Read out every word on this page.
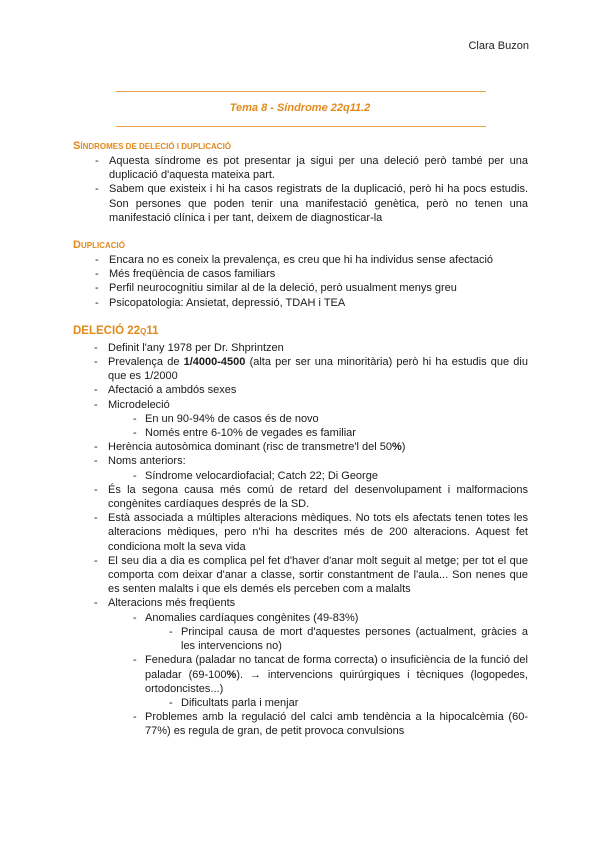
Clara Buzon
Tema 8 - Síndrome 22q11.2
SÍNDROMES DE DELECIÓ I DUPLICACIÓ
- Aquesta síndrome es pot presentar ja sigui per una deleció però també per una duplicació d'aquesta mateixa part.
- Sabem que existeix i hi ha casos registrats de la duplicació, però hi ha pocs estudis. Son persones que poden tenir una manifestació genètica, però no tenen una manifestació clínica i per tant, deixem de diagnosticar-la
DUPLICACIÓ
- Encara no es coneix la prevalença, es creu que hi ha individus sense afectació
- Més freqüència de casos familiars
- Perfil neurocognitiu similar al de la deleció, però usualment menys greu
- Psicopatologia: Ansietat, depressió, TDAH i TEA
DELECIÓ 22Q11
- Definit l'any 1978 per Dr. Shprintzen
- Prevalença de 1/4000-4500 (alta per ser una minoritària) però hi ha estudis que diu que es 1/2000
- Afectació a ambdós sexes
- Microdeleció
- En un 90-94% de casos és de novo
- Només entre 6-10% de vegades es familiar
- Herència autosòmica dominant (risc de transmetre'l del 50%)
- Noms anteriors:
- Síndrome velocardiofacial; Catch 22; Di George
- És la segona causa més comú de retard del desenvolupament i malformacions congènites cardíaques després de la SD.
- Està associada a múltiples alteracions mèdiques. No tots els afectats tenen totes les alteracions mèdiques, pero n'hi ha descrites més de 200 alteracions. Aquest fet condiciona molt la seva vida
- El seu dia a dia es complica pel fet d'haver d'anar molt seguit al metge; per tot el que comporta com deixar d'anar a classe, sortir constantment de l'aula... Son nenes que es senten malalts i que els demés els perceben com a malalts
- Alteracions més freqüents
- Anomalies cardíaques congènites (49-83%)
- Principal causa de mort d'aquestes persones (actualment, gràcies a les intervencions no)
- Fenedura (paladar no tancat de forma correcta) o insuficiència de la funció del paladar (69-100%). → intervencions quirúrgiques i tècniques (logopedes, ortodoncistes...)
- Dificultats parla i menjar
- Problemes amb la regulació del calci amb tendència a la hipocalcèmia (60-77%) es regula de gran, de petit provoca convulsions
